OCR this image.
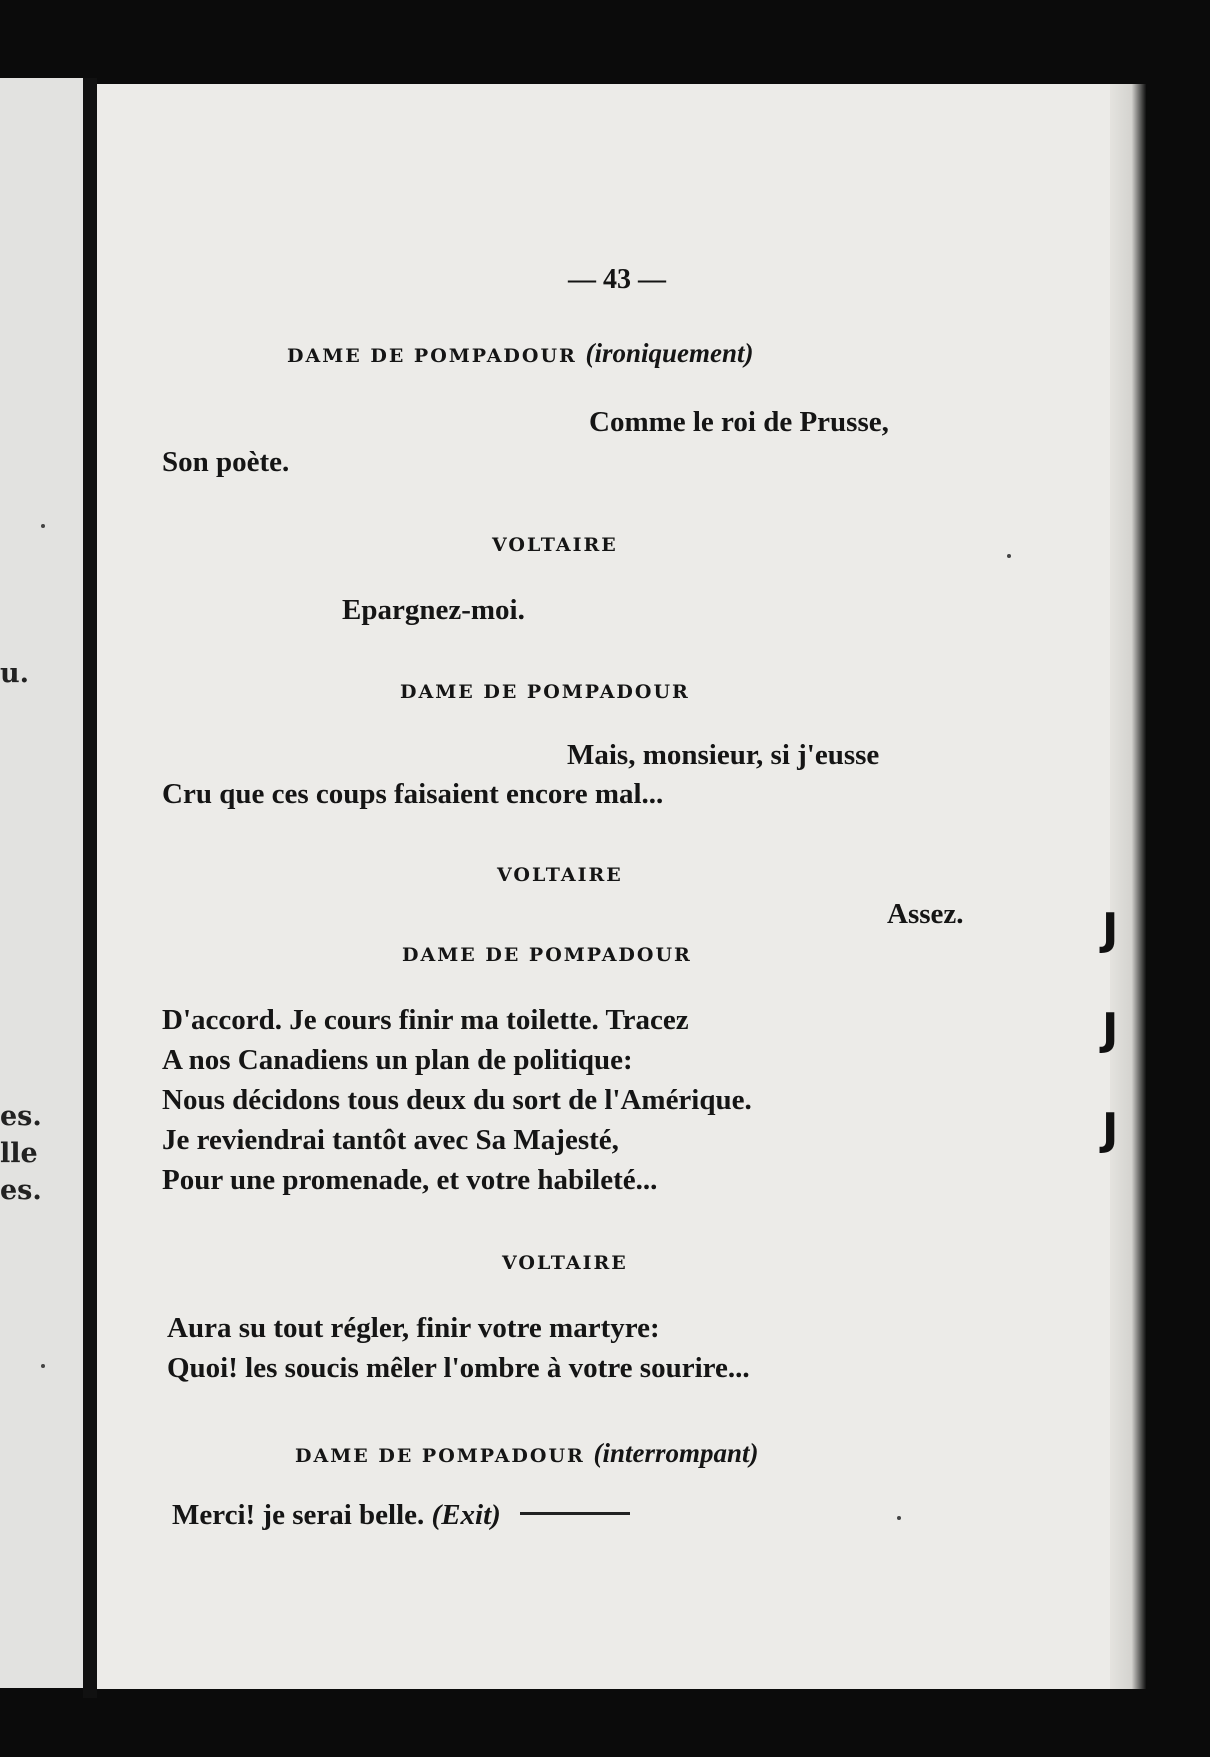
u.
es.
lle
es.
— 43 —
DAME DE POMPADOUR (ironiquement)
Comme le roi de Prusse,
Son poète.
VOLTAIRE
Epargnez-moi.
DAME DE POMPADOUR
Mais, monsieur, si j'eusse
Cru que ces coups faisaient encore mal...
VOLTAIRE
Assez.
DAME DE POMPADOUR
D'accord. Je cours finir ma toilette. Tracez
A nos Canadiens un plan de politique:
Nous décidons tous deux du sort de l'Amérique.
Je reviendrai tantôt avec Sa Majesté,
Pour une promenade, et votre habileté...
VOLTAIRE
Aura su tout régler, finir votre martyre:
Quoi! les soucis mêler l'ombre à votre sourire...
DAME DE POMPADOUR (interrompant)
Merci! je serai belle. (Exit)
J
J
J
